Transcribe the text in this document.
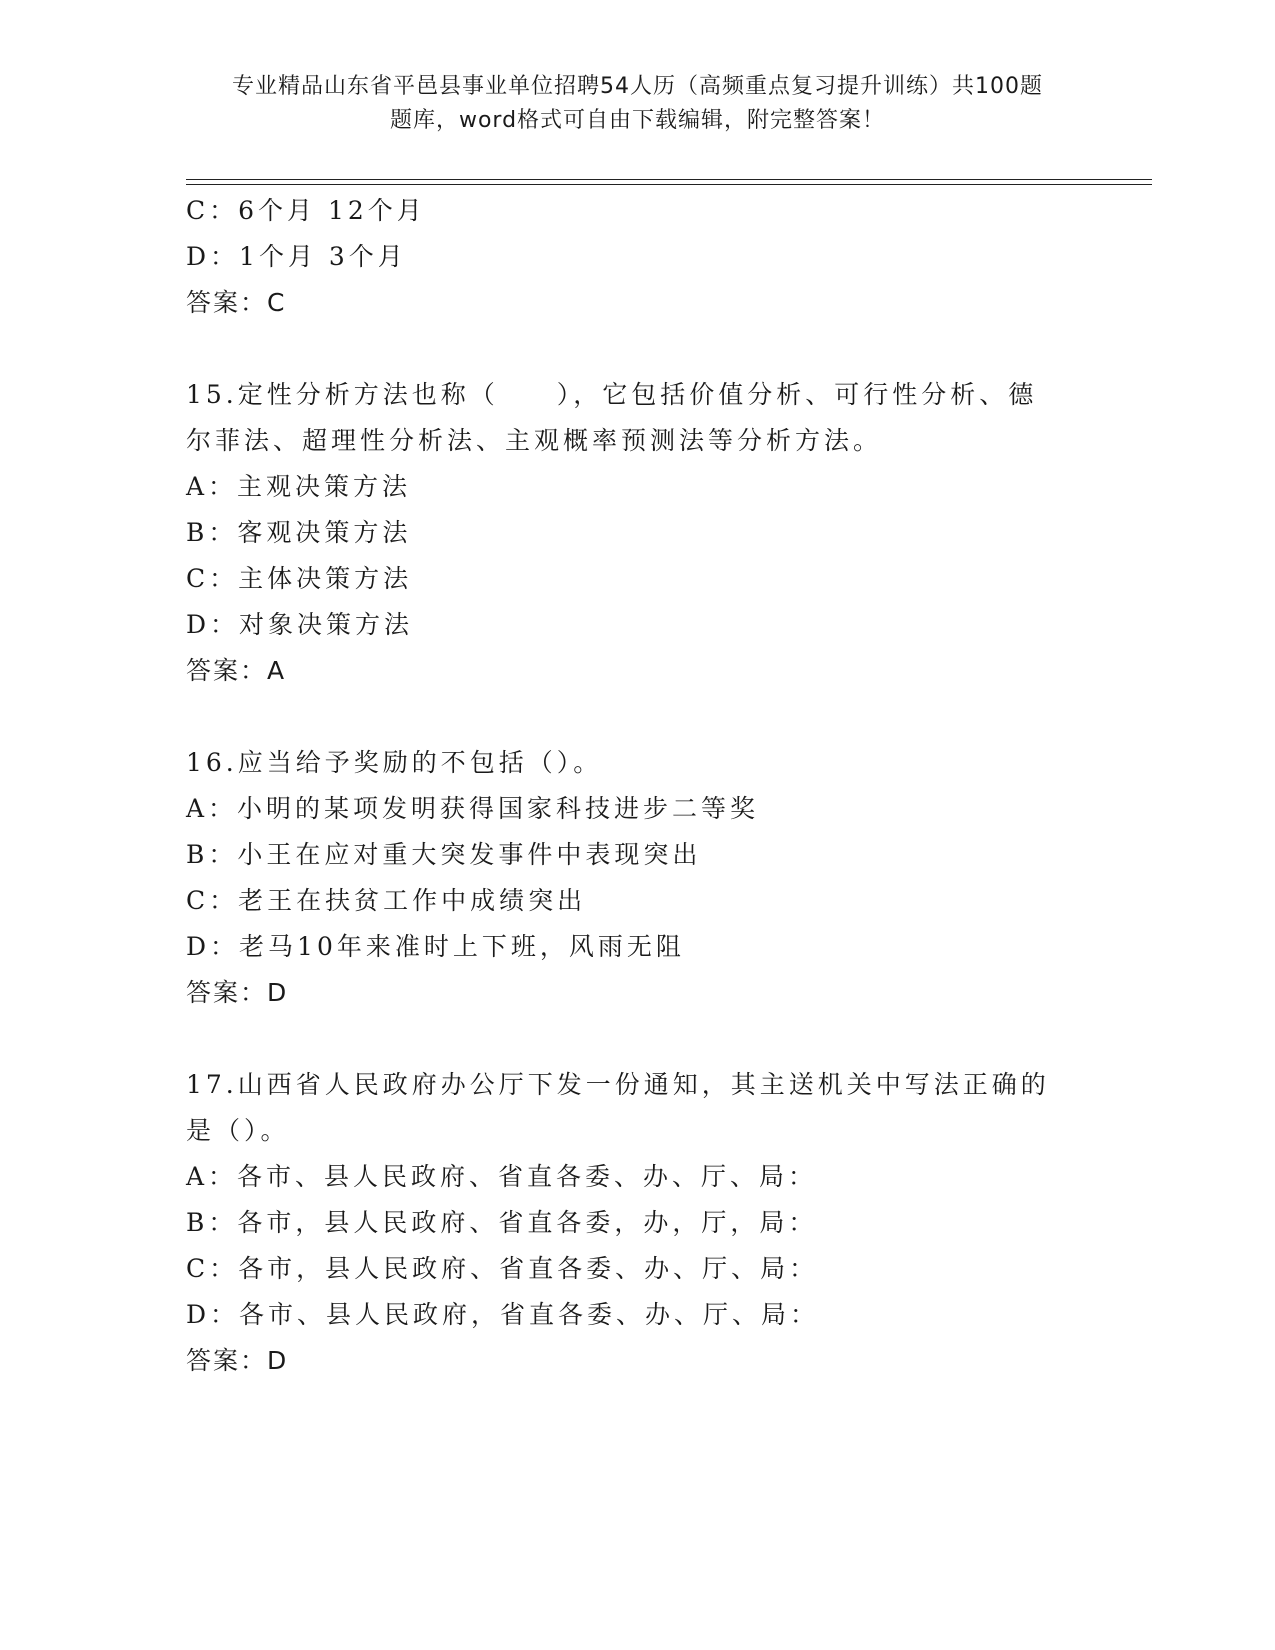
专业精品山东省平邑县事业单位招聘54人历（高频重点复习提升训练）共100题
题库，word格式可自由下载编辑，附完整答案！
C：6个月 12个月
D：1个月 3个月
答案：C
15.定性分析方法也称（　　），它包括价值分析、可行性分析、德尔菲法、超理性分析法、主观概率预测法等分析方法。
A：主观决策方法
B：客观决策方法
C：主体决策方法
D：对象决策方法
答案：A
16.应当给予奖励的不包括（）。
A：小明的某项发明获得国家科技进步二等奖
B：小王在应对重大突发事件中表现突出
C：老王在扶贫工作中成绩突出
D：老马10年来准时上下班，风雨无阻
答案：D
17.山西省人民政府办公厅下发一份通知，其主送机关中写法正确的是（）。
A：各市、县人民政府、省直各委、办、厅、局：
B：各市，县人民政府、省直各委，办，厅，局：
C：各市，县人民政府、省直各委、办、厅、局：
D：各市、县人民政府，省直各委、办、厅、局：
答案：D
